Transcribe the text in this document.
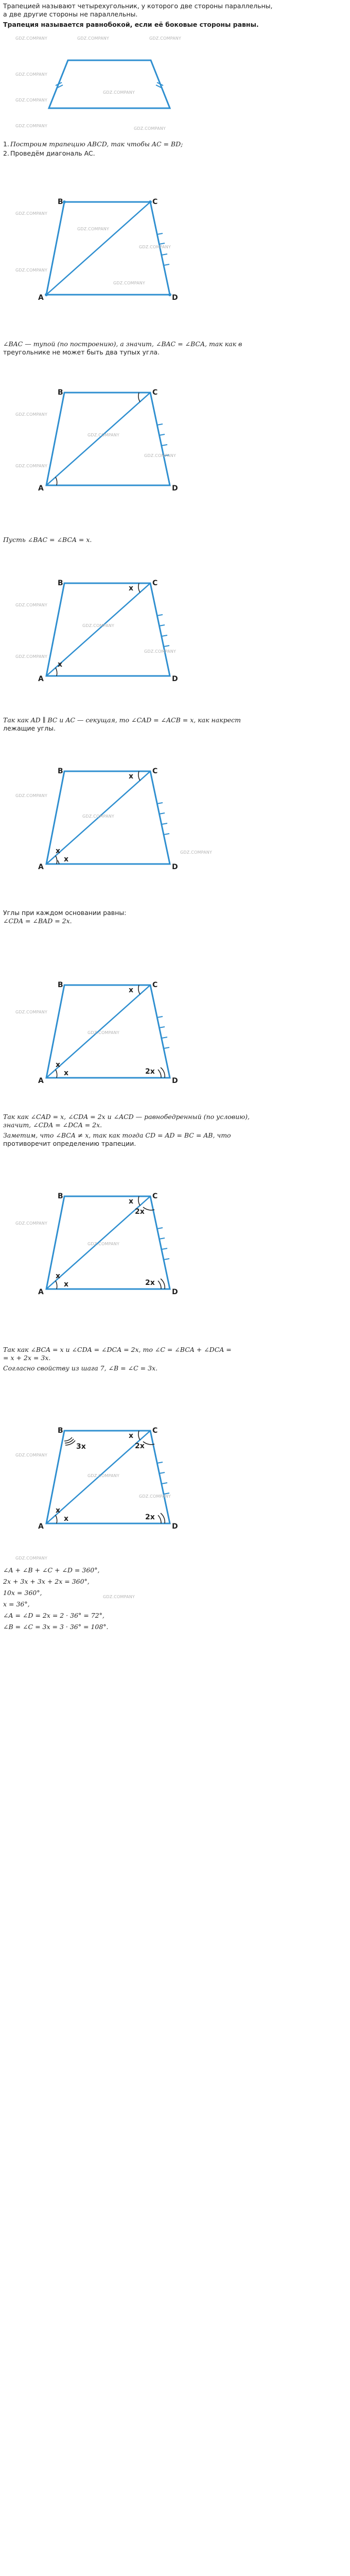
Трапецией называют четырехугольник, у которого две стороны параллельны,
а две другие стороны не параллельны.
Трапеция называется равнобокой, если её боковые стороны равны.
1. Построим трапецию ABCD, так чтобы AC = BD;
2. Проведём диагональ AC.
B	C
D
A
B	C
D
A
B	C
D
A
x
x
B	C
D
A
x
x
x
B	C
D
A
x
x
x	2x
B	C
D
A
x
2x
x
x	2x
B	C
D
A
3x
x
2x
x
x	2x
∠BAC — тупой (по построению), а значит, ∠BAC = ∠BCA, так как в
треугольнике не может быть два тупых угла.
Пусть ∠BAC = ∠BCA = x.
Так как AD ∥ BC и AC — секущая, то ∠CAD = ∠ACB = x, как накрест
лежащие углы.
Углы при каждом основании равны:
∠CDA = ∠BAD = 2x.
Так как ∠CAD = x, ∠CDA = 2x и ∠ACD — равнобедренный (по условию),
значит, ∠CDA = ∠DCA = 2x.
Заметим, что ∠BCA ≠ x, так как тогда CD = AD = BC = AB, что
противоречит определению трапеции.
Так как ∠BCA = x и ∠CDA = ∠DCA = 2x, то ∠C = ∠BCA + ∠DCA =
= x + 2x = 3x.
Согласно свойству из шага 7, ∠B = ∠C = 3x.
∠A + ∠B + ∠C + ∠D = 360°,
2x + 3x + 3x + 2x = 360°,
10x = 360°,
x = 36°,
∠A = ∠D = 2x = 2 · 36° = 72°,
∠B = ∠C = 3x = 3 · 36° = 108°.
GDZ.COMPANY	GDZ.COMPANY	GDZ.COMPANY
GDZ.COMPANY
GDZ.COMPANY
GDZ.COMPANY
GDZ.COMPANY
GDZ.COMPANY
GDZ.COMPANY
GDZ.COMPANY
GDZ.COMPANY
GDZ.COMPANY
GDZ.COMPANY
GDZ.COMPANY
GDZ.COMPANY
GDZ.COMPANY
GDZ.COMPANY
GDZ.COMPANY
GDZ.COMPANY
GDZ.COMPANY
GDZ.COMPANY
GDZ.COMPANY
GDZ.COMPANY
GDZ.COMPANY
GDZ.COMPANY
GDZ.COMPANY
GDZ.COMPANY
GDZ.COMPANY
GDZ.COMPANY
GDZ.COMPANY
GDZ.COMPANY
GDZ.COMPANY
GDZ.COMPANY
